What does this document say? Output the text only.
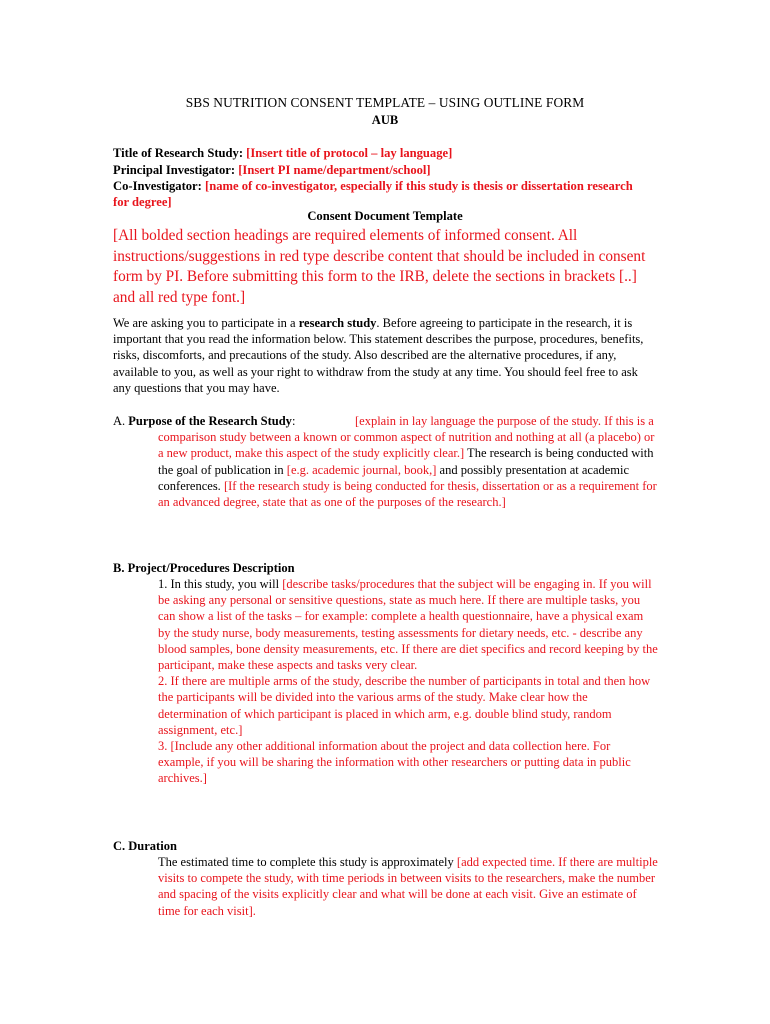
SBS NUTRITION CONSENT TEMPLATE – USING OUTLINE FORM
AUB
Title of Research Study: [Insert title of protocol – lay language]
Principal Investigator: [Insert PI name/department/school]
Co-Investigator: [name of co-investigator, especially if this study is thesis or dissertation research for degree]
Consent Document Template
[All bolded section headings are required elements of informed consent. All instructions/suggestions in red type describe content that should be included in consent form by PI. Before submitting this form to the IRB, delete the sections in brackets [..] and all red type font.]
We are asking you to participate in a research study. Before agreeing to participate in the research, it is important that you read the information below. This statement describes the purpose, procedures, benefits, risks, discomforts, and precautions of the study. Also described are the alternative procedures, if any, available to you, as well as your right to withdraw from the study at any time. You should feel free to ask any questions that you may have.
A. Purpose of the Research Study:	[explain in lay language the purpose of the study. If this is a comparison study between a known or common aspect of nutrition and nothing at all (a placebo) or a new product, make this aspect of the study explicitly clear.] The research is being conducted with the goal of publication in [e.g. academic journal, book,] and possibly presentation at academic conferences. [If the research study is being conducted for thesis, dissertation or as a requirement for an advanced degree, state that as one of the purposes of the research.]
B. Project/Procedures Description

1. In this study, you will [describe tasks/procedures that the subject will be engaging in. If you will be asking any personal or sensitive questions, state as much here. If there are multiple tasks, you can show a list of the tasks – for example: complete a health questionnaire, have a physical exam by the study nurse, body measurements, testing assessments for dietary needs, etc. - describe any blood samples, bone density measurements, etc. If there are diet specifics and record keeping by the participant, make these aspects and tasks very clear.

2. If there are multiple arms of the study, describe the number of participants in total and then how the participants will be divided into the various arms of the study. Make clear how the determination of which participant is placed in which arm, e.g. double blind study, random assignment, etc.]

3. [Include any other additional information about the project and data collection here. For example, if you will be sharing the information with other researchers or putting data in public archives.]

C. Duration
The estimated time to complete this study is approximately [add expected time. If there are multiple visits to compete the study, with time periods in between visits to the researchers, make the number and spacing of the visits explicitly clear and what will be done at each visit. Give an estimate of time for each visit].
